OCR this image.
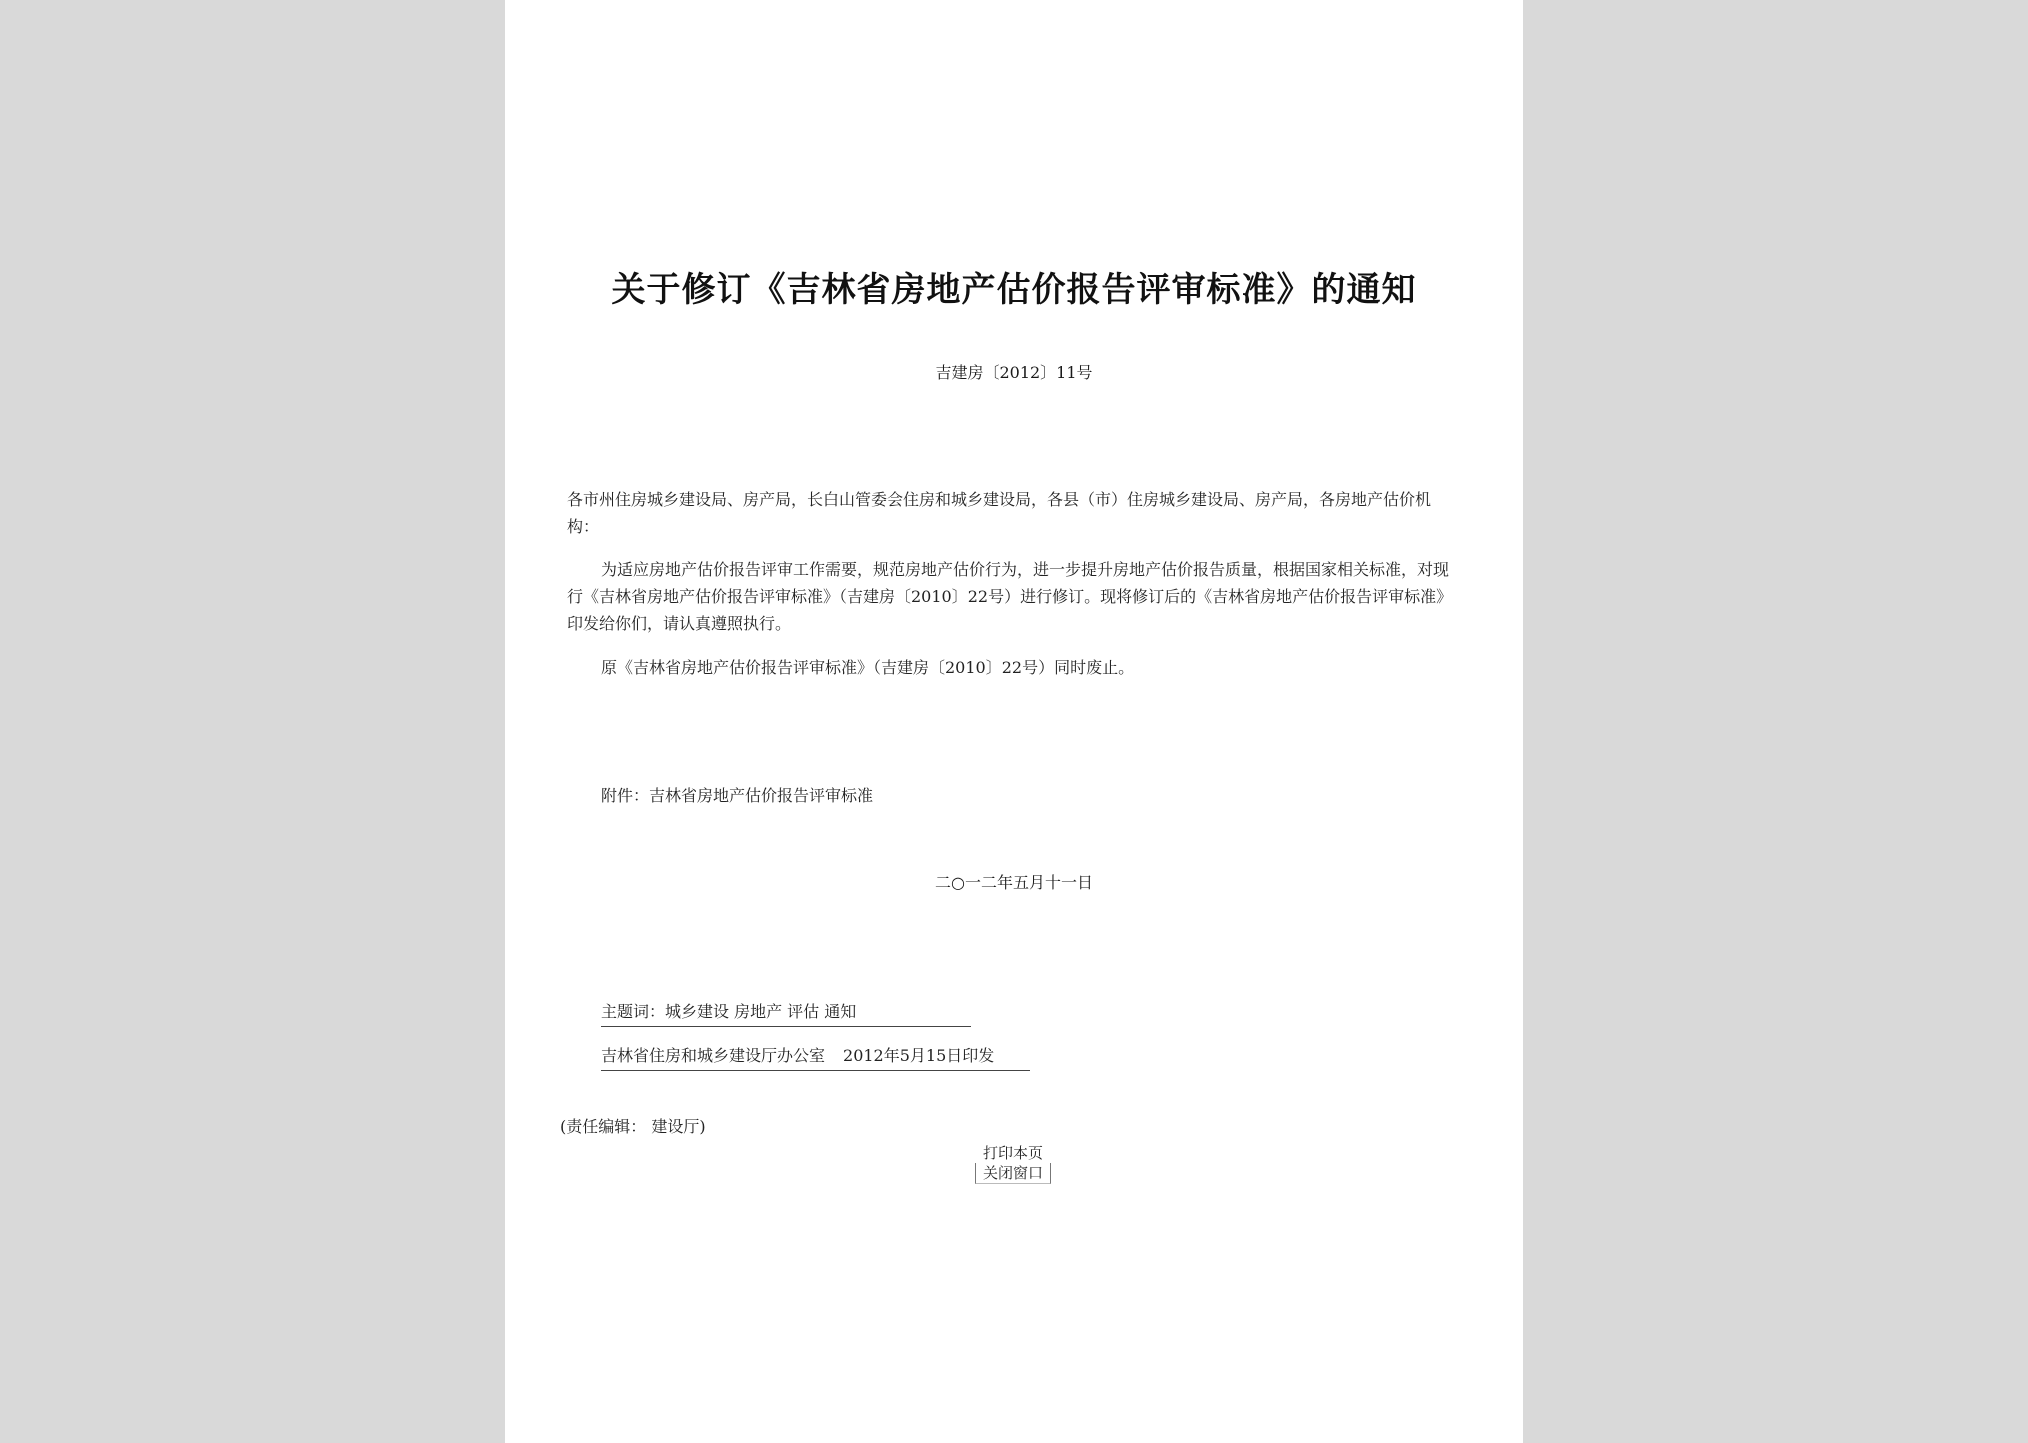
关于修订《吉林省房地产估价报告评审标准》的通知
吉建房〔2012〕11号
各市州住房城乡建设局、房产局，长白山管委会住房和城乡建设局，各县（市）住房城乡建设局、房产局，各房地产估价机构：
为适应房地产估价报告评审工作需要，规范房地产估价行为，进一步提升房地产估价报告质量，根据国家相关标准，对现行《吉林省房地产估价报告评审标准》（吉建房〔2010〕22号）进行修订。现将修订后的《吉林省房地产估价报告评审标准》印发给你们，请认真遵照执行。
原《吉林省房地产估价报告评审标准》（吉建房〔2010〕22号）同时废止。
附件：吉林省房地产估价报告评审标准
二○一二年五月十一日
主题词：城乡建设 房地产 评估 通知
吉林省住房和城乡建设厅办公室 2012年5月15日印发
(责任编辑： 建设厅)
打印本页
关闭窗口
